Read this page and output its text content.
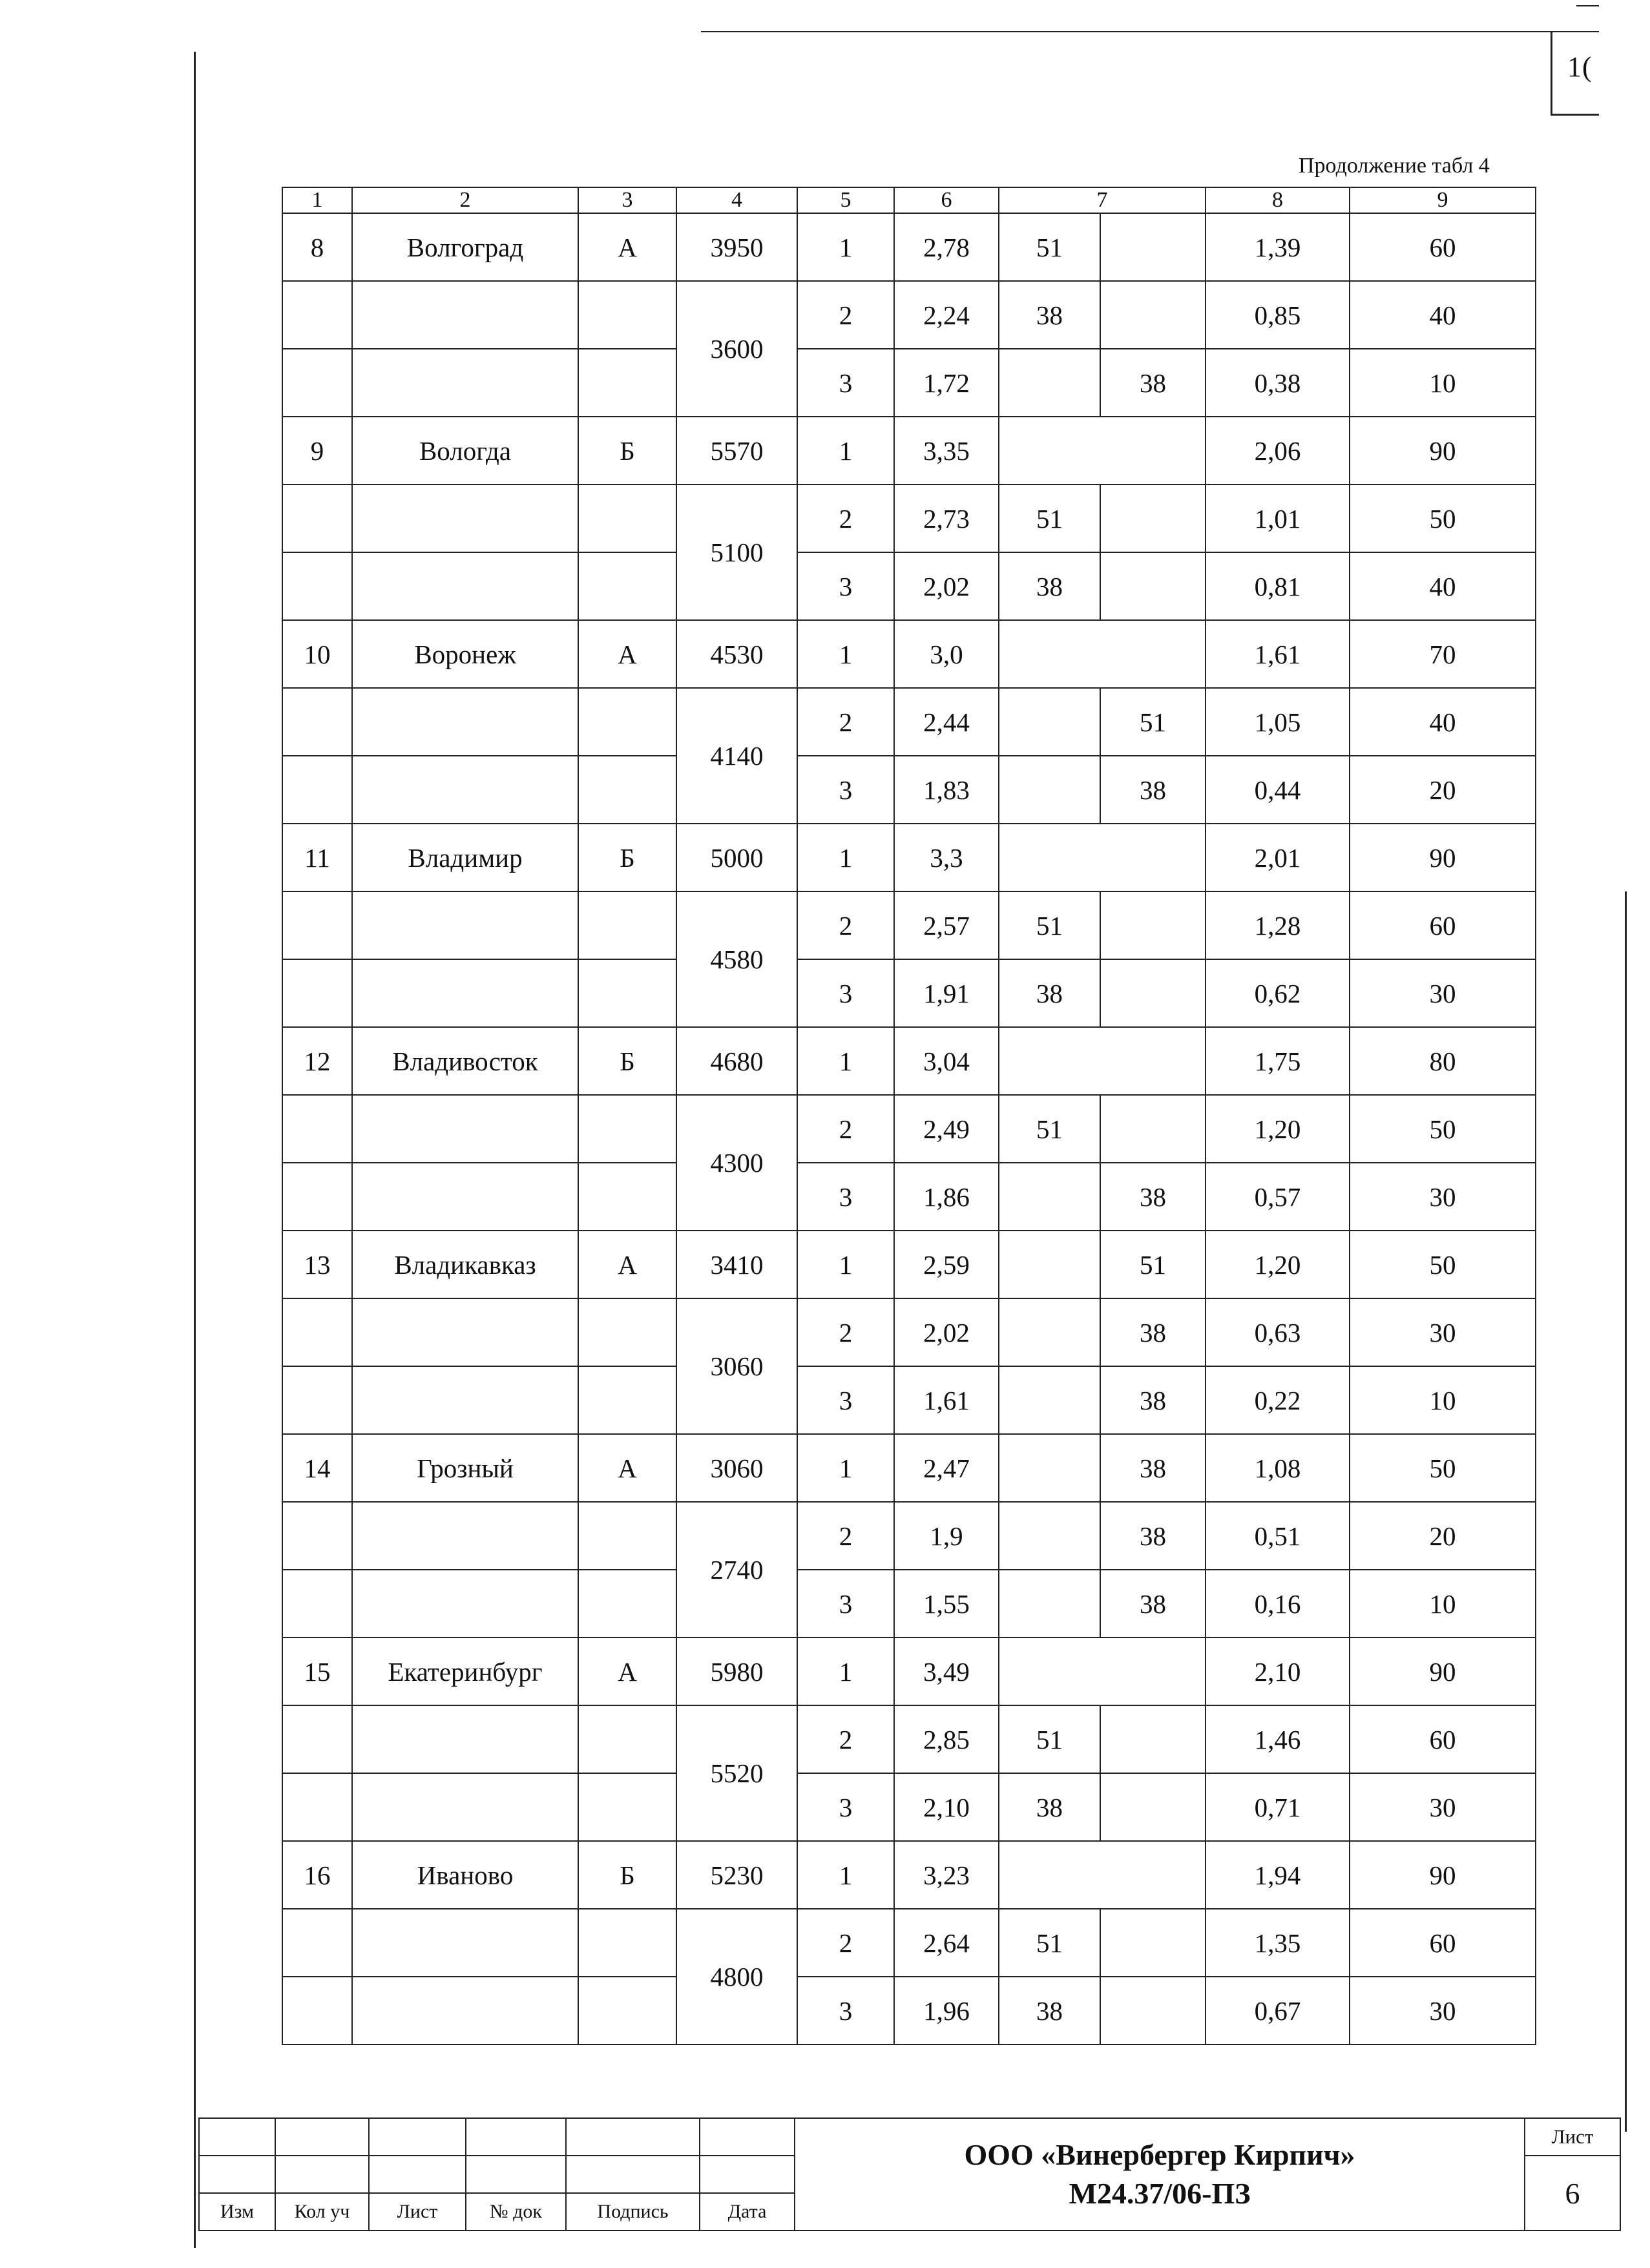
1(
Продолжение табл 4
1	2	3	4	5	6	7		8	9
8	Волгоград	А	3950	1	2,78	51		1,39	60
			3600	2	2,24	38		0,85	40
				3	1,72		38	0,38	10
9	Вологда	Б	5570	1	3,35			2,06	90
			5100	2	2,73	51		1,01	50
				3	2,02	38		0,81	40
10	Воронеж	А	4530	1	3,0			1,61	70
			4140	2	2,44		51	1,05	40
				3	1,83		38	0,44	20
11	Владимир	Б	5000	1	3,3			2,01	90
			4580	2	2,57	51		1,28	60
				3	1,91	38		0,62	30
12	Владивосток	Б	4680	1	3,04			1,75	80
			4300	2	2,49	51		1,20	50
				3	1,86		38	0,57	30
13	Владикавказ	А	3410	1	2,59		51	1,20	50
			3060	2	2,02		38	0,63	30
				3	1,61		38	0,22	10
14	Грозный	А	3060	1	2,47		38	1,08	50
			2740	2	1,9		38	0,51	20
				3	1,55		38	0,16	10
15	Екатеринбург	А	5980	1	3,49			2,10	90
			5520	2	2,85	51		1,46	60
				3	2,10	38		0,71	30
16	Иваново	Б	5230	1	3,23			1,94	90
			4800	2	2,64	51		1,35	60
				3	1,96	38		0,67	30

						ООО «Винербергер Кирпич»
М24.37/06-ПЗ	Лист
							6
Изм	Кол уч	Лист	№ док	Подпись	Дата		
